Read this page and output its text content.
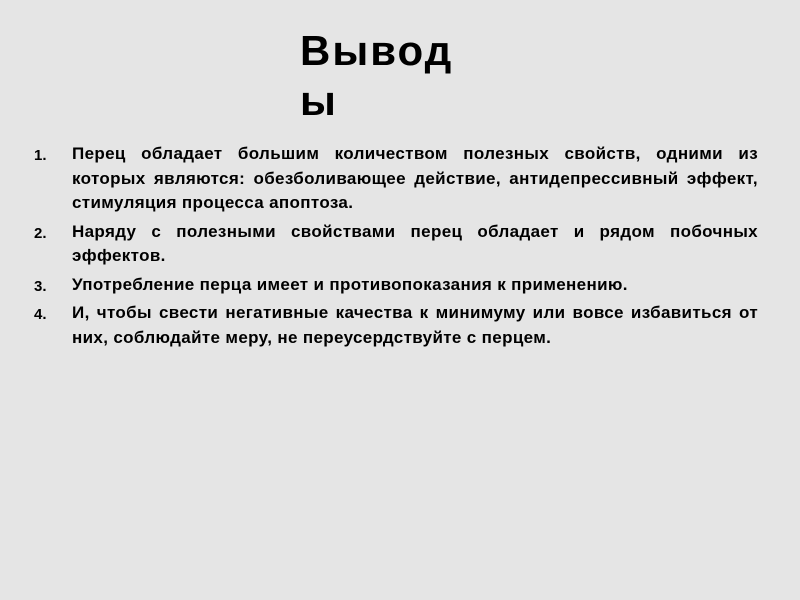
Выводы
1. Перец обладает большим количеством полезных свойств, одними из которых являются: обезболивающее действие, антидепрессивный эффект, стимуляция процесса апоптоза.
2. Наряду с полезными свойствами перец обладает и рядом побочных эффектов.
3. Употребление перца имеет и противопоказания к применению.
4. И, чтобы свести негативные качества к минимуму или вовсе избавиться от них, соблюдайте меру, не переусердствуйте с перцем.
